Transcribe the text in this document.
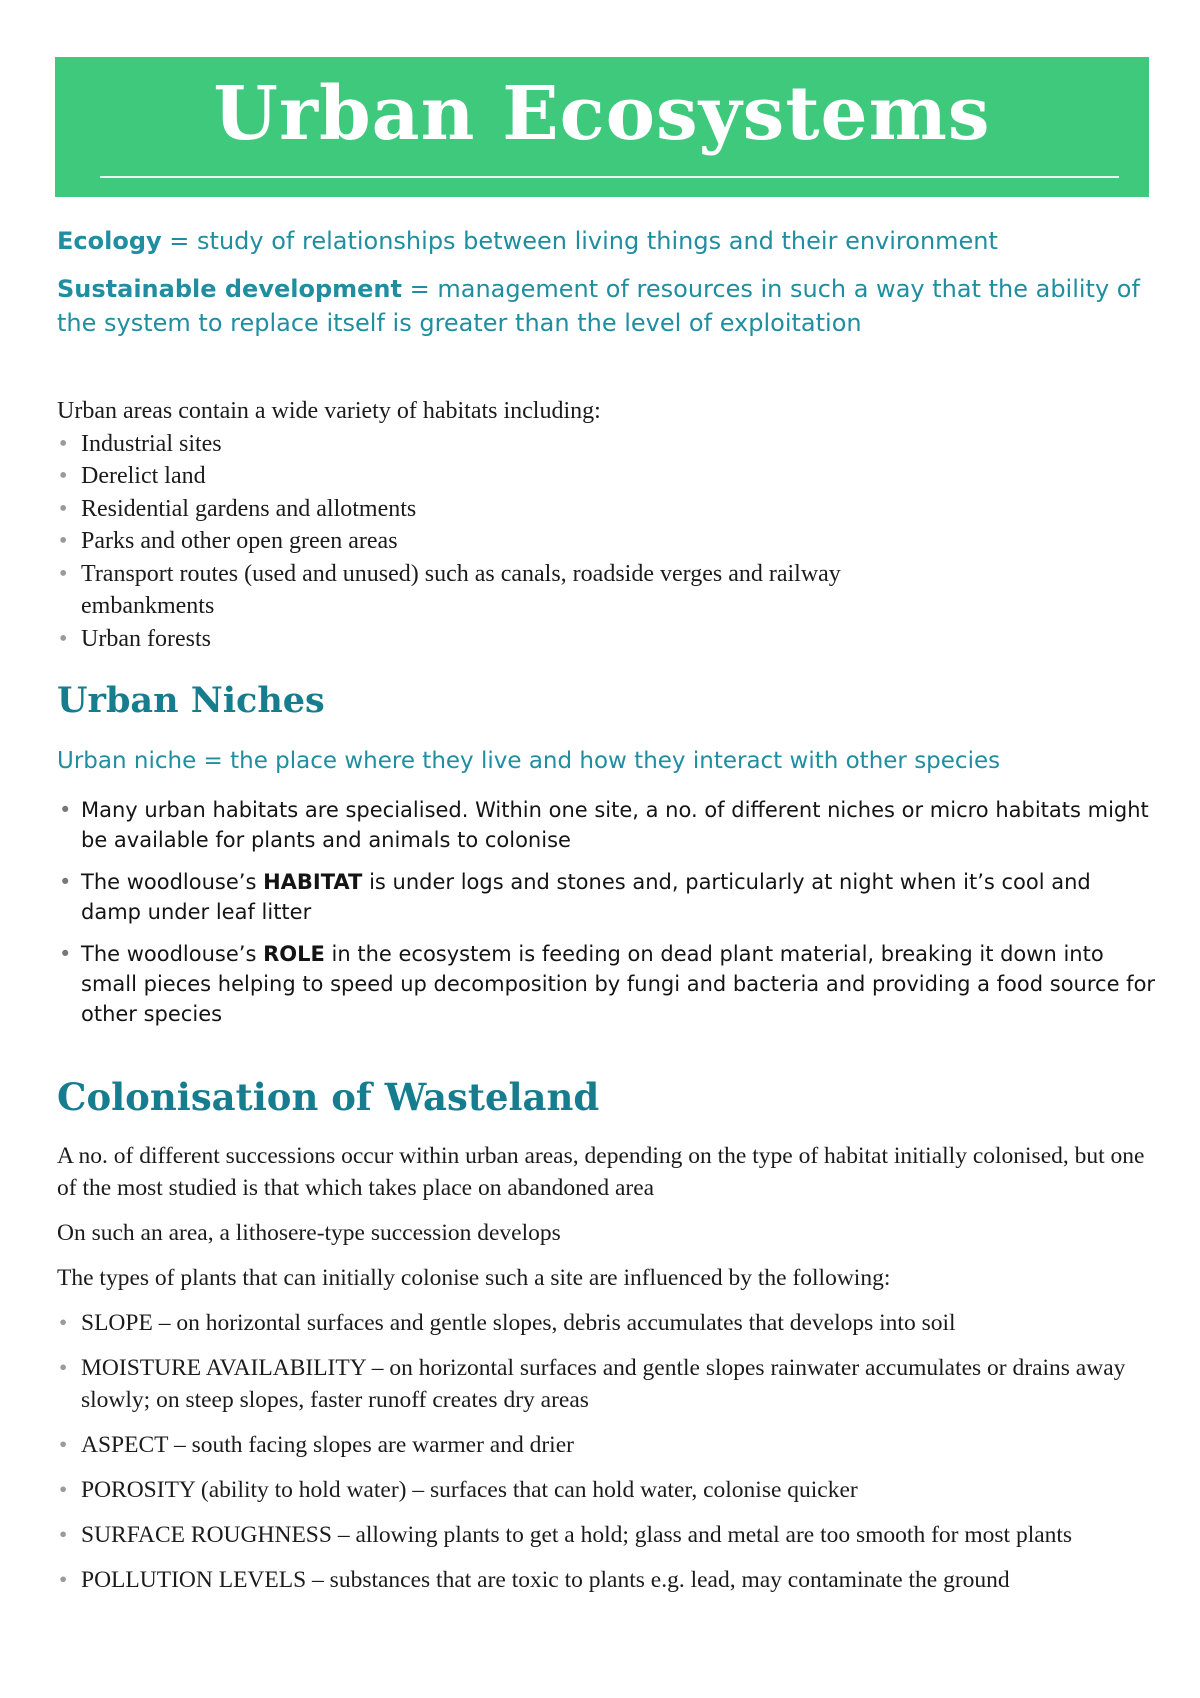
Urban Ecosystems

Ecology = study of relationships between living things and their environment

Sustainable development = management of resources in such a way that the ability of the system to replace itself is greater than the level of exploitation

Urban areas contain a wide variety of habitats including:

• Industrial sites
• Derelict land
• Residential gardens and allotments
• Parks and other open green areas
• Transport routes (used and unused) such as canals, roadside verges and railway embankments
• Urban forests
Urban Niches
Urban niche = the place where they live and how they interact with other species
• Many urban habitats are specialised. Within one site, a no. of different niches or micro habitats might be available for plants and animals to colonise
• The woodlouse’s HABITAT is under logs and stones and, particularly at night when it’s cool and damp under leaf litter
• The woodlouse’s ROLE in the ecosystem is feeding on dead plant material, breaking it down into small pieces helping to speed up decomposition by fungi and bacteria and providing a food source for other species
Colonisation of Wasteland

A no. of different successions occur within urban areas, depending on the type of habitat initially colonised, but one of the most studied is that which takes place on abandoned area

On such an area, a lithosere-type succession develops

The types of plants that can initially colonise such a site are influenced by the following:

• SLOPE – on horizontal surfaces and gentle slopes, debris accumulates that develops into soil
• MOISTURE AVAILABILITY – on horizontal surfaces and gentle slopes rainwater accumulates or drains away slowly; on steep slopes, faster runoff creates dry areas
• ASPECT – south facing slopes are warmer and drier
• POROSITY (ability to hold water) – surfaces that can hold water, colonise quicker
• SURFACE ROUGHNESS – allowing plants to get a hold; glass and metal are too smooth for most plants
• POLLUTION LEVELS – substances that are toxic to plants e.g. lead, may contaminate the ground
